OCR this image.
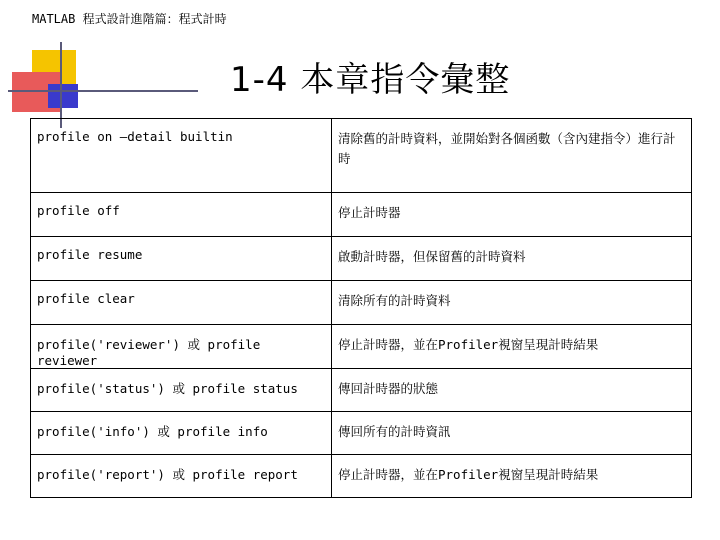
MATLAB 程式設計進階篇：程式計時
1-4 本章指令彙整
profile on –detail builtin	清除舊的計時資料，並開始對各個函數（含內建指令）進行計時

profile off	停止計時器
profile resume	啟動計時器，但保留舊的計時資料
profile clear	清除所有的計時資料
profile('reviewer') 或 profile reviewer	停止計時器，並在Profiler視窗呈現計時結果
profile('status') 或 profile status	傳回計時器的狀態
profile('info') 或 profile info	傳回所有的計時資訊
profile('report') 或 profile report	停止計時器，並在Profiler視窗呈現計時結果
